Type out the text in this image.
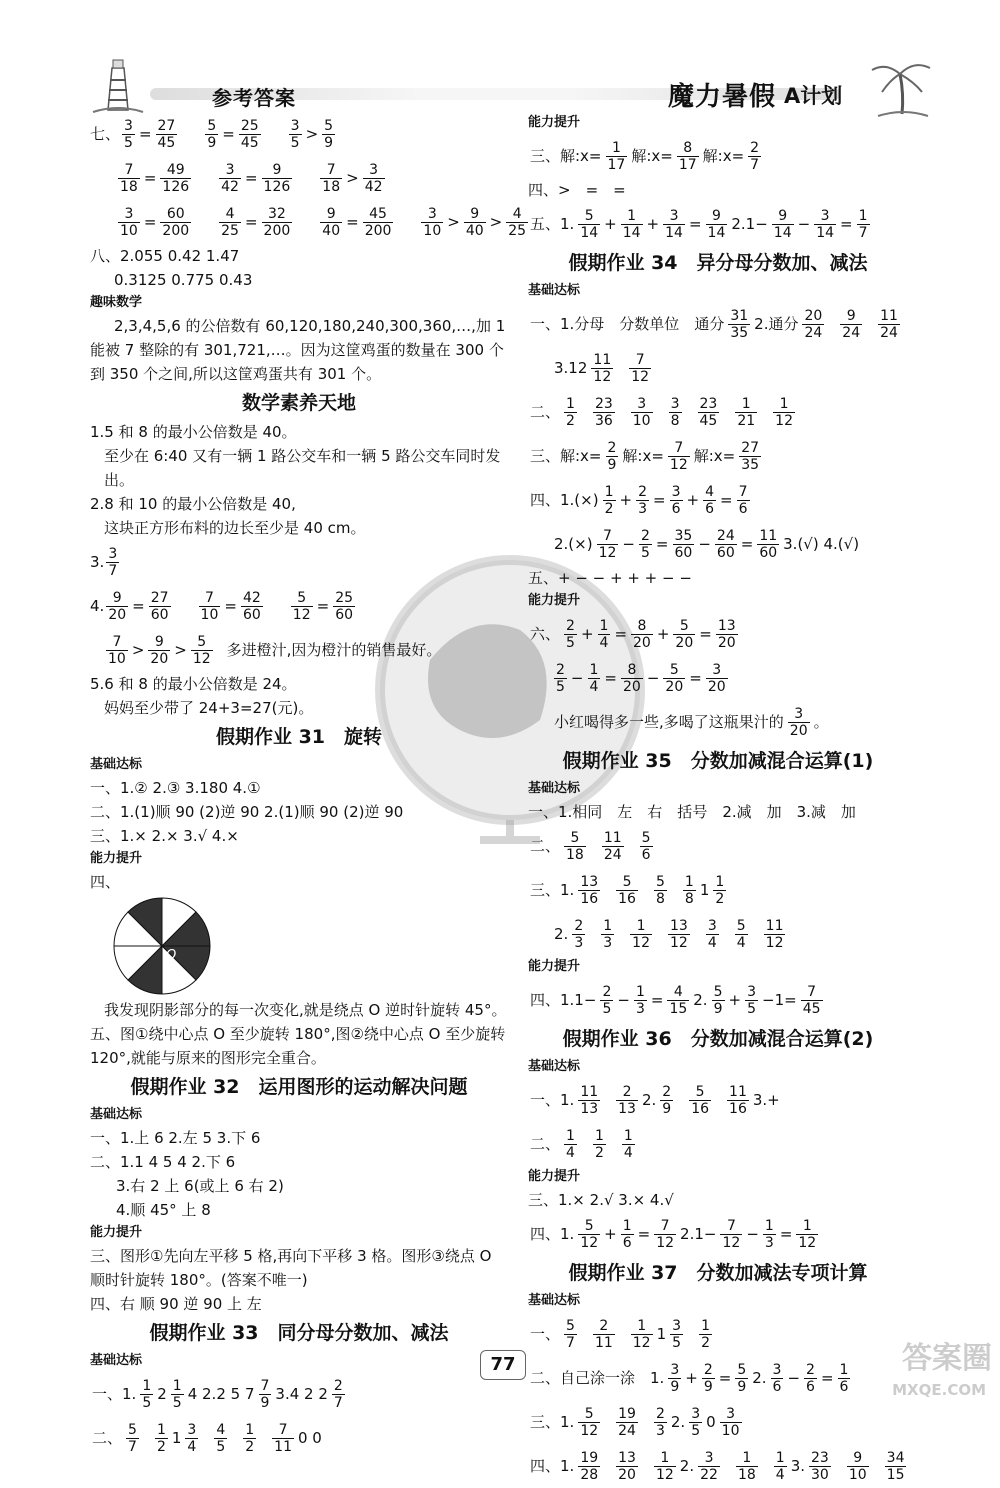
参考答案	魔力暑假 A计划
七、 $\frac{3}{5} = \frac{27}{45} \frac{5}{9} = \frac{25}{45} \frac{3}{5} > \frac{5}{9}$
$\frac{7}{18} = \frac{49}{126} \frac{3}{42} = \frac{9}{126} \frac{7}{18} > \frac{3}{42}$
$\frac{3}{10} = \frac{60}{200} \frac{4}{25} = \frac{32}{200} \frac{9}{40} = \frac{45}{200} \frac{3}{10} > \frac{9}{40} > \frac{4}{25}$
八、2.055 0.42 1.47
0.3125 0.775 0.43
趣味数学
2,3,4,5,6 的公倍数有 60,120,180,240,300,360,…,加 1 能被 7 整除的有 301,721,…。因为这筐鸡蛋的数量在 300 个到 350 个之间,所以这筐鸡蛋共有 301 个。
数学素养天地
1.5 和 8 的最小公倍数是 40。
至少在 6:40 又有一辆 1 路公交车和一辆 5 路公交车同时发出。
2.8 和 10 的最小公倍数是 40,
这块正方形布料的边长至少是 40 cm。
3. $\frac{3}{7}$
4. $\frac{9}{20} = \frac{27}{60} \frac{7}{10} = \frac{42}{60} \frac{5}{12} = \frac{25}{60}$
$\frac{7}{10} > \frac{9}{20} > \frac{5}{12}$ 多进橙汁,因为橙汁的销售最好。
5.6 和 8 的最小公倍数是 24。
妈妈至少带了 24+3=27(元)。
假期作业 31　旋转
基础达标
一、1.② 2.③ 3.180 4.①
二、1.(1)顺 90 (2)逆 90 2.(1)顺 90 (2)逆 90
三、1.× 2.× 3.√ 4.×
能力提升
四、
O
我发现阴影部分的每一次变化,就是绕点 O 逆时针旋转 45°。
五、图①绕中心点 O 至少旋转 180°,图②绕中心点 O 至少旋转 120°,就能与原来的图形完全重合。
假期作业 32　运用图形的运动解决问题
基础达标
一、1.上 6 2.左 5 3.下 6
二、1.1 4 5 4 2.下 6
3.右 2 上 6(或上 6 右 2)
4.顺 45° 上 8
能力提升
三、图形①先向左平移 5 格,再向下平移 3 格。图形③绕点 O 顺时针旋转 180°。(答案不唯一)
四、右 顺 90 逆 90 上 左
假期作业 33　同分母分数加、减法
基础达标
一、1. $\frac{1}{5} 2 \frac{1}{5} 4$ 2.2 5 $7 \frac{7}{9} 3.4$ 2 $2 \frac{2}{7}$
二、 $\frac{5}{7} \frac{1}{2} 1 \frac{3}{4} \frac{4}{5} \frac{1}{2} \frac{7}{11} 0$ 0
能力提升
三、解:x= $\frac{1}{17}$ 解:x= $\frac{8}{17}$ 解:x= $\frac{2}{7}$
四、>　=　=
五、1. $\frac{5}{14} + \frac{1}{14} + \frac{3}{14} = \frac{9}{14} 2.1- \frac{9}{14} - \frac{3}{14} = \frac{1}{7}$
假期作业 34　异分母分数加、减法
基础达标
一、1.分母　分数单位　通分 $\frac{31}{35} 2$.通分 $\frac{20}{24} \frac{9}{24} \frac{11}{24}$
$3.12 \frac{11}{12} \frac{7}{12}$
二、 $\frac{1}{2} \frac{23}{36} \frac{3}{10} \frac{3}{8} \frac{23}{45} \frac{1}{21} \frac{1}{12}$
三、解:x= $\frac{2}{9}$ 解:x= $\frac{7}{12}$ 解:x= $\frac{27}{35}$
四、$1.(\times) \frac{1}{2} + \frac{2}{3} = \frac{3}{6} + \frac{4}{6} = \frac{7}{6}$
$2.(\times) \frac{7}{12} - \frac{2}{5} = \frac{35}{60} - \frac{24}{60} = \frac{11}{60} 3.(√)$ 4.(√)
五、+ − − + + + − −
能力提升
六、 $\frac{2}{5} + \frac{1}{4} = \frac{8}{20} + \frac{5}{20} = \frac{13}{20}$
$\frac{2}{5} - \frac{1}{4} = \frac{8}{20} - \frac{5}{20} = \frac{3}{20}$
小红喝得多一些,多喝了这瓶果汁的 $\frac{3}{20}$ 。
假期作业 35　分数加减混合运算(1)
基础达标
一、1.相同　左　右　括号　2.减　加　3.减　加
二、 $\frac{5}{18} \frac{11}{24} \frac{5}{6}$
三、1. $\frac{13}{16} \frac{5}{16} \frac{5}{8} \frac{1}{8} 1 \frac{1}{2}$
2. $\frac{2}{3} \frac{1}{3} \frac{1}{12} \frac{13}{12} \frac{3}{4} \frac{5}{4} \frac{11}{12}$
能力提升
四、$1.1- \frac{2}{5} - \frac{1}{3} = \frac{4}{15} 2$. $\frac{5}{9} + \frac{3}{5} -1= \frac{7}{45}$
假期作业 36　分数加减混合运算(2)
基础达标
一、1. $\frac{11}{13} \frac{2}{13} 2$. $\frac{2}{9} \frac{5}{16} \frac{11}{16} 3.+$
二、 $\frac{1}{4} \frac{1}{2} \frac{1}{4}$
能力提升
三、1.× 2.√ 3.× 4.√
四、1. $\frac{5}{12} + \frac{1}{6} = \frac{7}{12} 2.1- \frac{7}{12} - \frac{1}{3} = \frac{1}{12}$
假期作业 37　分数加减法专项计算
基础达标
一、 $\frac{5}{7} \frac{2}{11} \frac{1}{12} 1 \frac{3}{5} \frac{1}{2}$
二、自己涂一涂　1. $\frac{3}{9} + \frac{2}{9} = \frac{5}{9} 2$. $\frac{3}{6} - \frac{2}{6} = \frac{1}{6}$
三、1. $\frac{5}{12} \frac{19}{24} \frac{2}{3} 2$. $\frac{3}{5} 0 \frac{3}{10}$
四、1. $\frac{19}{28} \frac{13}{20} \frac{1}{12} 2$. $\frac{3}{22} \frac{1}{18} \frac{1}{4} 3$. $\frac{23}{30} \frac{9}{10} \frac{34}{15}$
77	答案圈
MXQE.COM
